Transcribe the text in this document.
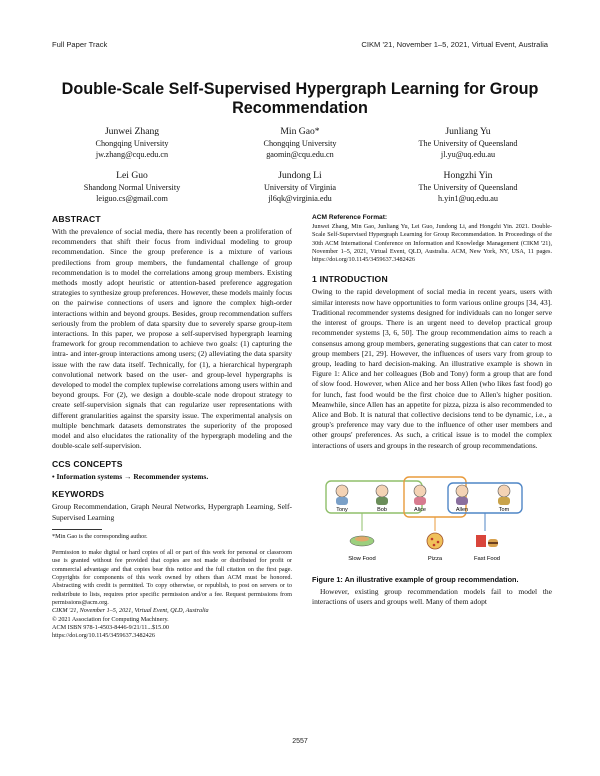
Full Paper Track	CIKM '21, November 1–5, 2021, Virtual Event, Australia
Double-Scale Self-Supervised Hypergraph Learning for Group Recommendation
Junwei Zhang
Chongqing University
jw.zhang@cqu.edu.cn
Min Gao*
Chongqing University
gaomin@cqu.edu.cn
Junliang Yu
The University of Queensland
jl.yu@uq.edu.au
Lei Guo
Shandong Normal University
leiguo.cs@gmail.com
Jundong Li
University of Virginia
jl6qk@virginia.edu
Hongzhi Yin
The University of Queensland
h.yin1@uq.edu.au
ABSTRACT

With the prevalence of social media, there has recently been a proliferation of recommenders that shift their focus from individual modeling to group recommendation. Since the group preference is a mixture of various predilections from group members, the fundamental challenge of group recommendation is to model the correlations among group members. Existing methods mostly adopt heuristic or attention-based preference aggregation strategies to synthesize group preferences. However, these models mainly focus on the pairwise connections of users and ignore the complex high-order interactions within and beyond groups. Besides, group recommendation suffers seriously from the problem of data sparsity due to severely sparse group-item interactions. In this paper, we propose a self-supervised hypergraph learning framework for group recommendation to achieve two goals: (1) capturing the intra- and inter-group interactions among users; (2) alleviating the data sparsity issue with the raw data itself. Technically, for (1), a hierarchical hypergraph convolutional network based on the user- and group-level hypergraphs is developed to model the complex tuplewise correlations among users within and beyond groups. For (2), we design a double-scale node dropout strategy to create self-supervision signals that can regularize user representations with different granularities against the sparsity issue. The experimental analysis on multiple benchmark datasets demonstrates the superiority of the proposed model and also elucidates the rationality of the hypergraph modeling and the double-scale self-supervision.

CCS CONCEPTS

• Information systems → Recommender systems.

KEYWORDS

Group Recommendation, Graph Neural Networks, Hypergraph Learning, Self-Supervised Learning

*Min Gao is the corresponding author.

Permission to make digital or hard copies of all or part of this work for personal or classroom use is granted without fee provided that copies are not made or distributed for profit or commercial advantage and that copies bear this notice and the full citation on the first page. Copyrights for components of this work owned by others than ACM must be honored. Abstracting with credit is permitted. To copy otherwise, or republish, to post on servers or to redistribute to lists, requires prior specific permission and/or a fee. Request permissions from permissions@acm.org.

CIKM '21, November 1–5, 2021, Virtual Event, QLD, Australia

© 2021 Association for Computing Machinery.

ACM ISBN 978-1-4503-8446-9/21/11...$15.00

https://doi.org/10.1145/3459637.3482426

ACM Reference Format:

Junwei Zhang, Min Gao, Junliang Yu, Lei Guo, Jundong Li, and Hongzhi Yin. 2021. Double-Scale Self-Supervised Hypergraph Learning for Group Recommendation. In Proceedings of the 30th ACM International Conference on Information and Knowledge Management (CIKM '21), November 1–5, 2021, Virtual Event, QLD, Australia. ACM, New York, NY, USA, 11 pages. https://doi.org/10.1145/3459637.3482426

1 INTRODUCTION

Owing to the rapid development of social media in recent years, users with similar interests now have opportunities to form various online groups [34, 43]. Traditional recommender systems designed for individuals can no longer serve the interest of groups. There is an urgent need to develop practical group recommender systems [3, 6, 50]. The group recommendation aims to reach a consensus among group members, generating suggestions that can cater to most group members [21, 29]. However, the influences of users vary from group to group, leading to hard decision-making. An illustrative example is shown in Figure 1: Alice and her colleagues (Bob and Tony) form a group that are fond of slow food. However, when Alice and her boss Allen (who likes fast food) go for lunch, fast food would be the first choice due to Allen's higher position. Meanwhile, since Allen has an appetite for pizza, pizza is also recommended to Alice and Bob. It is natural that collective decisions tend to be dynamic, i.e., a group's preference may vary due to the influence of other user members and other groups' preferences. As such, a critical issue is to model the complex interactions of users and groups in the research of group recommendations.

Tony	Bob	Alice	Allen	Tom
Slow Food	Pizza	Fast Food
Figure 1: An illustrative example of group recommendation.

However, existing group recommendation models fail to model the interactions of users and groups well. Many of them adopt

2557
